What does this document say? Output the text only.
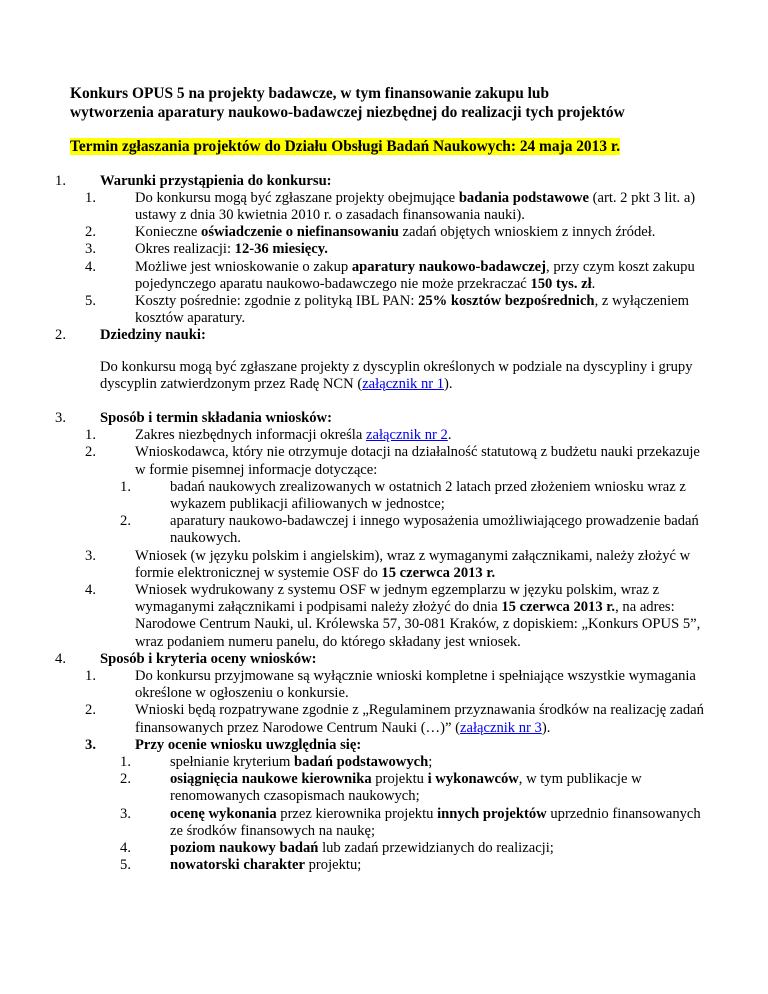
Konkurs OPUS 5 na projekty badawcze, w tym finansowanie zakupu lub
wytworzenia aparatury naukowo-badawczej niezbędnej do realizacji tych projektów
Termin zgłaszania projektów do Działu Obsługi Badań Naukowych: 24 maja 2013 r.
1. Warunki przystąpienia do konkursu:
1.	Do konkursu mogą być zgłaszane projekty obejmujące badania podstawowe (art. 2 pkt 3 lit. a) ustawy z dnia 30 kwietnia 2010 r. o zasadach finansowania nauki).
2.	Konieczne oświadczenie o niefinansowaniu zadań objętych wnioskiem z innych źródeł.
3.	Okres realizacji: 12-36 miesięcy.
4.	Możliwe jest wnioskowanie o zakup aparatury naukowo-badawczej, przy czym koszt zakupu pojedynczego aparatu naukowo-badawczego nie może przekraczać 150 tys. zł.
5.	Koszty pośrednie: zgodnie z polityką IBL PAN: 25% kosztów bezpośrednich, z wyłączeniem kosztów aparatury.
2. Dziedziny nauki:
Do konkursu mogą być zgłaszane projekty z dyscyplin określonych w podziale na dyscypliny i grupy dyscyplin zatwierdzonym przez Radę NCN (załącznik nr 1).
3. Sposób i termin składania wniosków:
1.	Zakres niezbędnych informacji określa załącznik nr 2.
2.	Wnioskodawca, który nie otrzymuje dotacji na działalność statutową z budżetu nauki przekazuje w formie pisemnej informacje dotyczące:
1.	badań naukowych zrealizowanych w ostatnich 2 latach przed złożeniem wniosku wraz z wykazem publikacji afiliowanych w jednostce;
2.	aparatury naukowo-badawczej i innego wyposażenia umożliwiającego prowadzenie badań naukowych.
3.	Wniosek (w języku polskim i angielskim), wraz z wymaganymi załącznikami, należy złożyć w formie elektronicznej w systemie OSF do 15 czerwca 2013 r.
4.	Wniosek wydrukowany z systemu OSF w jednym egzemplarzu w języku polskim, wraz z wymaganymi załącznikami i podpisami należy złożyć do dnia 15 czerwca 2013 r., na adres: Narodowe Centrum Nauki, ul. Królewska 57, 30-081 Kraków, z dopiskiem: „Konkurs OPUS 5”, wraz podaniem numeru panelu, do którego składany jest wniosek.
4. Sposób i kryteria oceny wniosków:
1.	Do konkursu przyjmowane są wyłącznie wnioski kompletne i spełniające wszystkie wymagania określone w ogłoszeniu o konkursie.
2.	Wnioski będą rozpatrywane zgodnie z „Regulaminem przyznawania środków na realizację zadań finansowanych przez Narodowe Centrum Nauki (…)” (załącznik nr 3).
3.	Przy ocenie wniosku uwzględnia się:
1.	spełnianie kryterium badań podstawowych;
2.	osiągnięcia naukowe kierownika projektu i wykonawców, w tym publikacje w renomowanych czasopismach naukowych;
3.	ocenę wykonania przez kierownika projektu innych projektów uprzednio finansowanych ze środków finansowych na naukę;
4.	poziom naukowy badań lub zadań przewidzianych do realizacji;
5.	nowatorski charakter projektu;
